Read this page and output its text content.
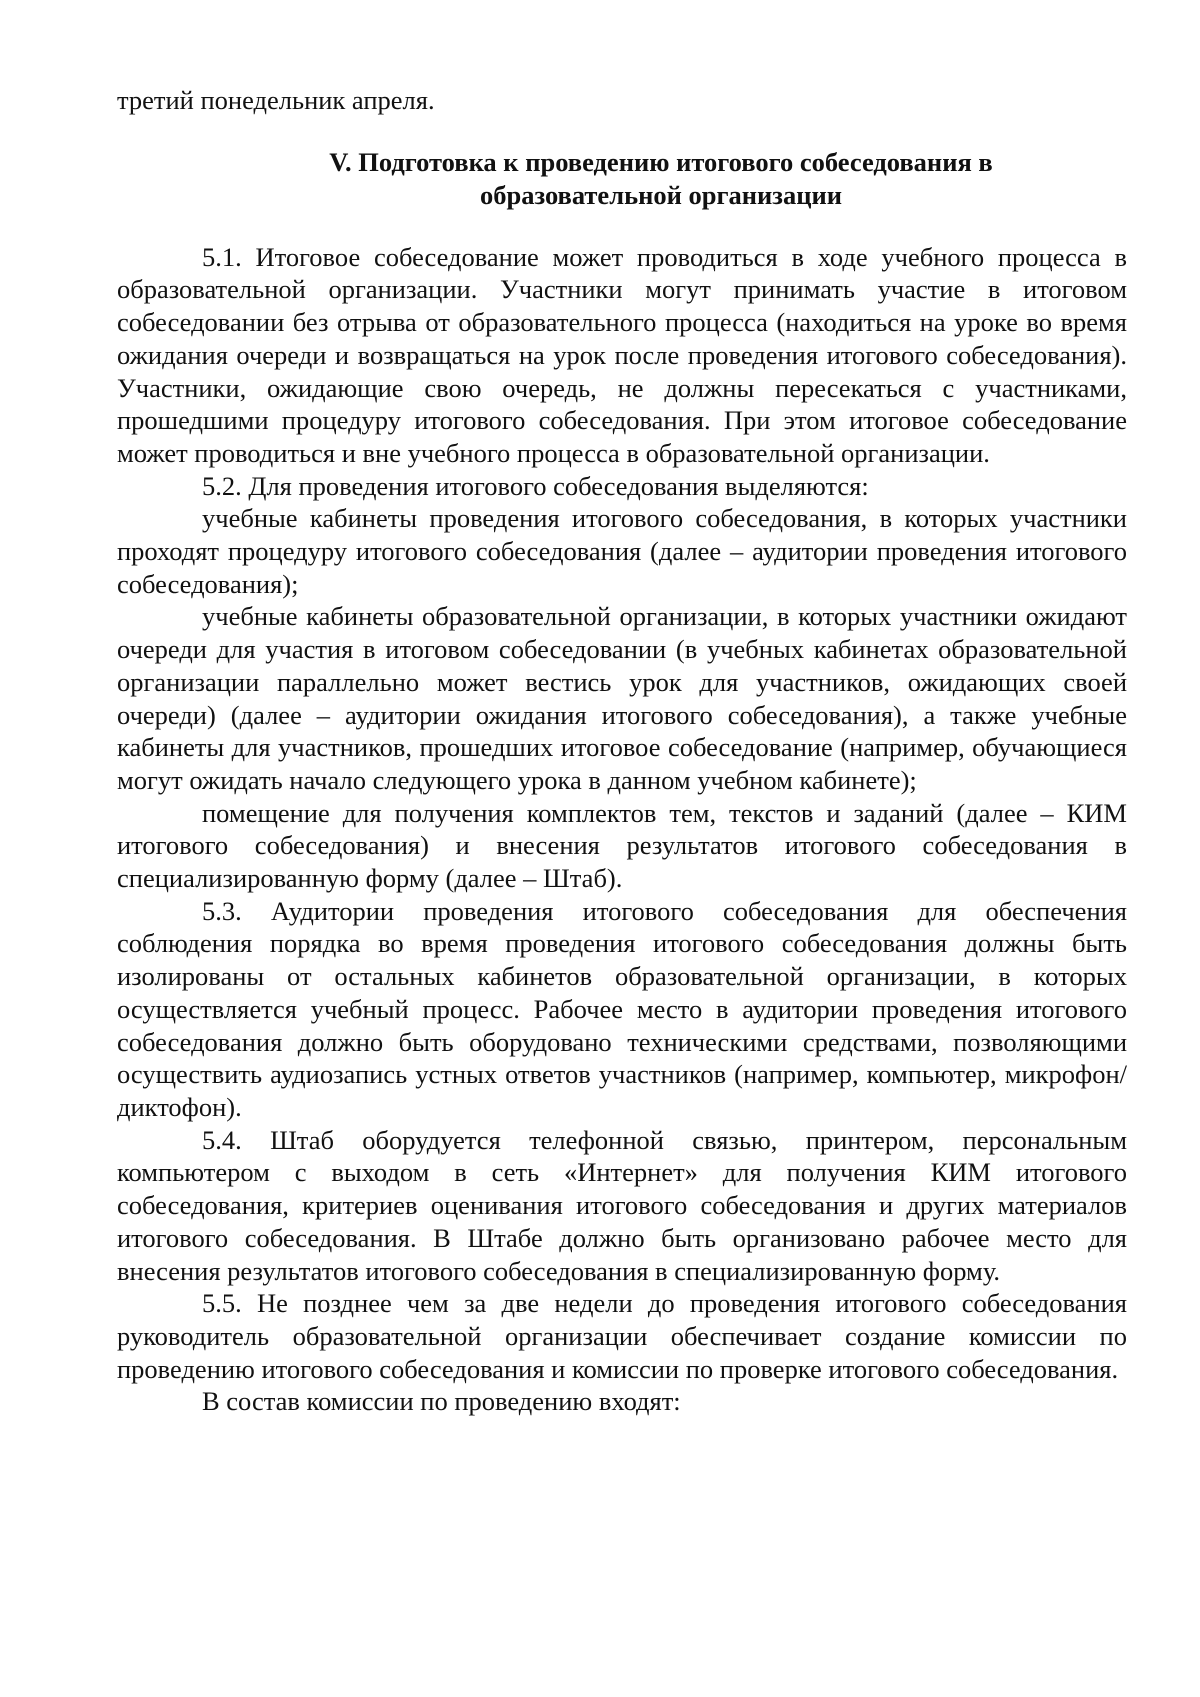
третий понедельник апреля.

V. Подготовка к проведению итогового собеседования в
образовательной организации

5.1. Итоговое собеседование может проводиться в ходе учебного процесса в образовательной организации. Участники могут принимать участие в итоговом собеседовании без отрыва от образовательного процесса (находиться на уроке во время ожидания очереди и возвращаться на урок после проведения итогового собеседования). Участники, ожидающие свою очередь, не должны пересекаться с участниками, прошедшими процедуру итогового собеседования. При этом итоговое собеседование может проводиться и вне учебного процесса в образовательной организации.

5.2. Для проведения итогового собеседования выделяются:

учебные кабинеты проведения итогового собеседования, в которых участники проходят процедуру итогового собеседования (далее – аудитории проведения итогового собеседования);

учебные кабинеты образовательной организации, в которых участники ожидают очереди для участия в итоговом собеседовании (в учебных кабинетах образовательной организации параллельно может вестись урок для участников, ожидающих своей очереди) (далее – аудитории ожидания итогового собеседования), а также учебные кабинеты для участников, прошедших итоговое собеседование (например, обучающиеся могут ожидать начало следующего урока в данном учебном кабинете);

помещение для получения комплектов тем, текстов и заданий (далее – КИМ итогового собеседования) и внесения результатов итогового собеседования в специализированную форму (далее – Штаб).

5.3. Аудитории проведения итогового собеседования для обеспечения соблюдения порядка во время проведения итогового собеседования должны быть изолированы от остальных кабинетов образовательной организации, в которых осуществляется учебный процесс. Рабочее место в аудитории проведения итогового собеседования должно быть оборудовано техническими средствами, позволяющими осуществить аудиозапись устных ответов участников (например, компьютер, микрофон/диктофон).

5.4. Штаб оборудуется телефонной связью, принтером, персональным компьютером с выходом в сеть «Интернет» для получения КИМ итогового собеседования, критериев оценивания итогового собеседования и других материалов итогового собеседования. В Штабе должно быть организовано рабочее место для внесения результатов итогового собеседования в специализированную форму.

5.5. Не позднее чем за две недели до проведения итогового собеседования руководитель образовательной организации обеспечивает создание комиссии по проведению итогового собеседования и комиссии по проверке итогового собеседования.

В состав комиссии по проведению входят:
